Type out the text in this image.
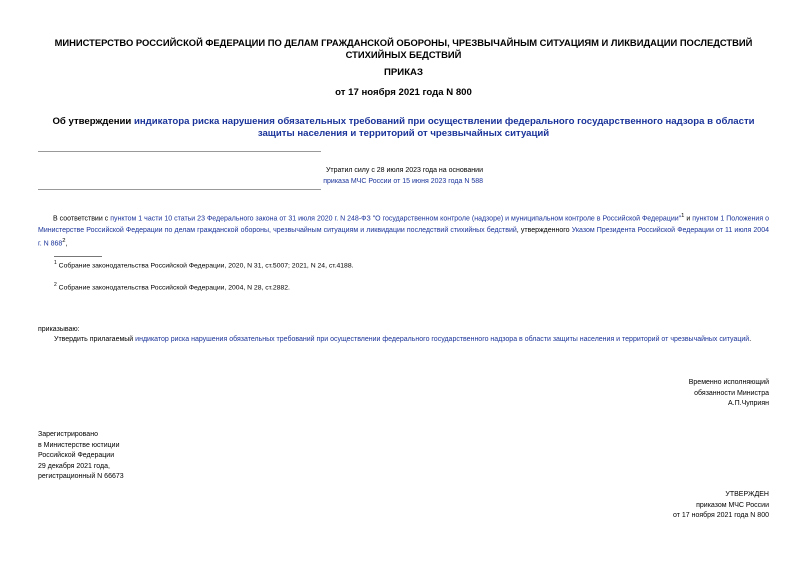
МИНИСТЕРСТВО РОССИЙСКОЙ ФЕДЕРАЦИИ ПО ДЕЛАМ ГРАЖДАНСКОЙ ОБОРОНЫ, ЧРЕЗВЫЧАЙНЫМ СИТУАЦИЯМ И ЛИКВИДАЦИИ ПОСЛЕДСТВИЙ СТИХИЙНЫХ БЕДСТВИЙ
ПРИКАЗ
от 17 ноября 2021 года N 800
Об утверждении индикатора риска нарушения обязательных требований при осуществлении федерального государственного надзора в области защиты населения и территорий от чрезвычайных ситуаций
Утратил силу с 28 июля 2023 года на основании
приказа МЧС России от 15 июня 2023 года N 588
В соответствии с пунктом 1 части 10 статьи 23 Федерального закона от 31 июля 2020 г. N 248-ФЗ "О государственном контроле (надзоре) и муниципальном контроле в Российской Федерации"$^1$ и пунктом 1 Положения о Министерстве Российской Федерации по делам гражданской обороны, чрезвычайным ситуациям и ликвидации последствий стихийных бедствий, утвержденного Указом Президента Российской Федерации от 11 июля 2004 г. N $868^2$,
$^1$ Собрание законодательства Российской Федерации, 2020, N 31, ст.5007; 2021, N 24, ст.4188.
$^2$ Собрание законодательства Российской Федерации, 2004, N 28, ст.2882.
приказываю:
Утвердить прилагаемый индикатор риска нарушения обязательных требований при осуществлении федерального государственного надзора в области защиты населения и территорий от чрезвычайных ситуаций.
Временно исполняющий
обязанности Министра
А.П.Чуприян
Зарегистрировано
в Министерстве юстиции
Российской Федерации
29 декабря 2021 года,
регистрационный N 66673
УТВЕРЖДЕН
приказом МЧС России
от 17 ноября 2021 года N 800
